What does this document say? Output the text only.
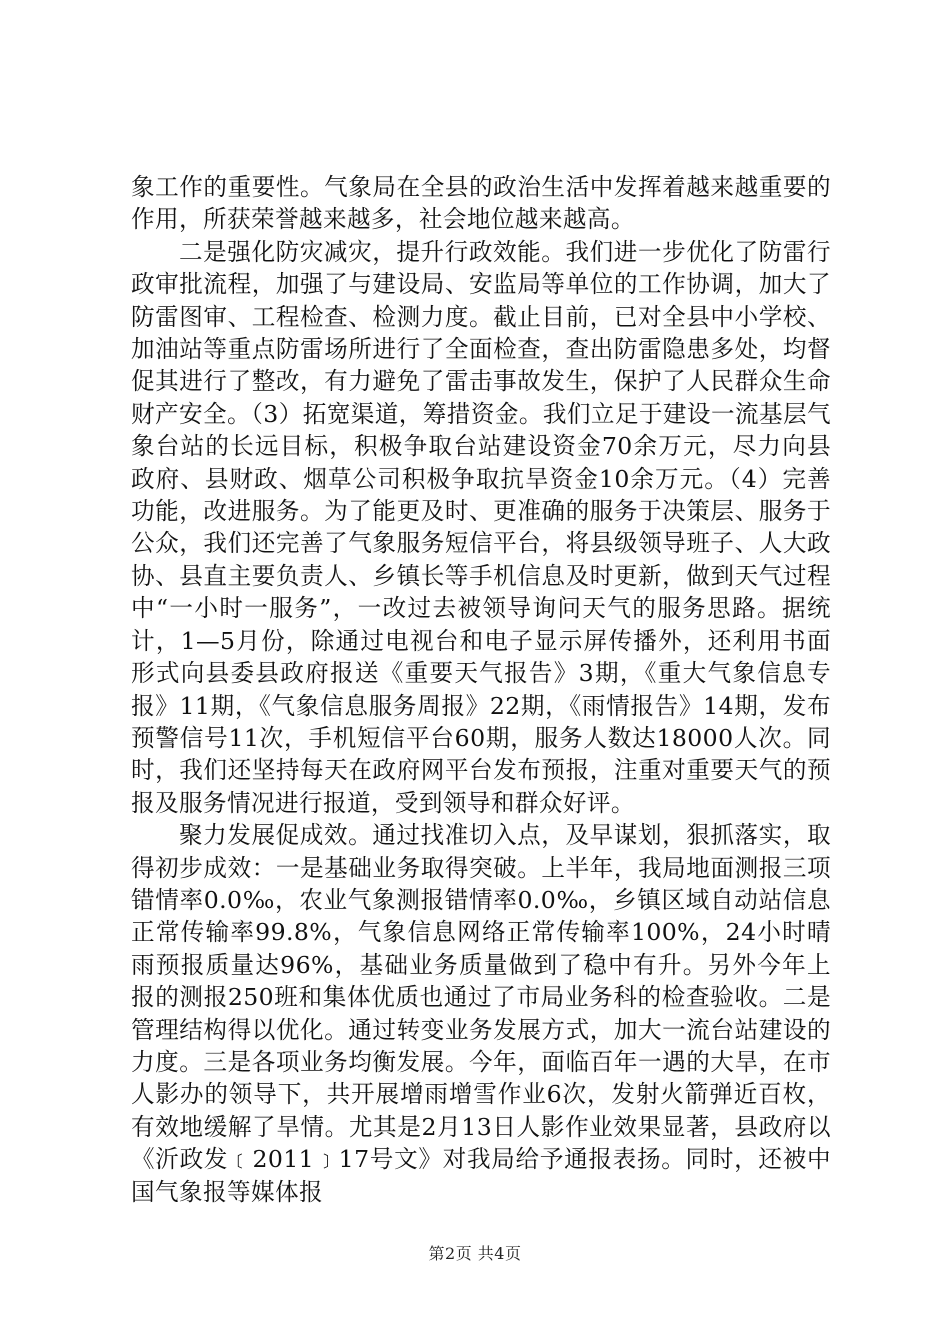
象工作的重要性。气象局在全县的政治生活中发挥着越来越重要的作用，所获荣誉越来越多，社会地位越来越高。

二是强化防灾减灾，提升行政效能。我们进一步优化了防雷行政审批流程，加强了与建设局、安监局等单位的工作协调，加大了防雷图审、工程检查、检测力度。截止目前，已对全县中小学校、加油站等重点防雷场所进行了全面检查，查出防雷隐患多处，均督促其进行了整改，有力避免了雷击事故发生，保护了人民群众生命财产安全。（3）拓宽渠道，筹措资金。我们立足于建设一流基层气象台站的长远目标，积极争取台站建设资金70余万元，尽力向县政府、县财政、烟草公司积极争取抗旱资金10余万元。（4）完善功能，改进服务。为了能更及时、更准确的服务于决策层、服务于公众，我们还完善了气象服务短信平台，将县级领导班子、人大政协、县直主要负责人、乡镇长等手机信息及时更新，做到天气过程中“一小时一服务”，一改过去被领导询问天气的服务思路。据统计，1—5月份，除通过电视台和电子显示屏传播外，还利用书面形式向县委县政府报送《重要天气报告》3期，《重大气象信息专报》11期，《气象信息服务周报》22期，《雨情报告》14期，发布预警信号11次，手机短信平台60期，服务人数达18000人次。同时，我们还坚持每天在政府网平台发布预报，注重对重要天气的预报及服务情况进行报道，受到领导和群众好评。

聚力发展促成效。通过找准切入点，及早谋划，狠抓落实，取得初步成效：一是基础业务取得突破。上半年，我局地面测报三项错情率0.0‰，农业气象测报错情率0.0‰，乡镇区域自动站信息正常传输率99.8%，气象信息网络正常传输率100%，24小时晴雨预报质量达96%，基础业务质量做到了稳中有升。另外今年上报的测报250班和集体优质也通过了市局业务科的检查验收。二是管理结构得以优化。通过转变业务发展方式，加大一流台站建设的力度。三是各项业务均衡发展。今年，面临百年一遇的大旱，在市人影办的领导下，共开展增雨增雪作业6次，发射火箭弹近百枚，有效地缓解了旱情。尤其是2月13日人影作业效果显著，县政府以《沂政发﹝2011﹞17号文》对我局给予通报表扬。同时，还被中国气象报等媒体报

第2页 共4页
